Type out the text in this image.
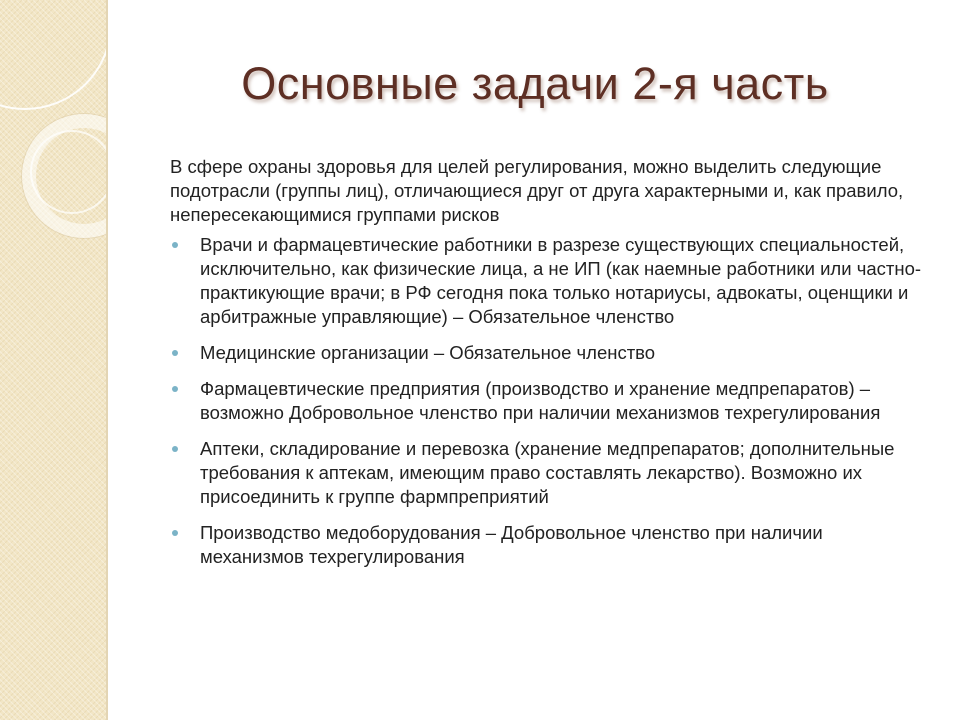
Основные задачи 2-я часть

В сфере охраны здоровья для целей регулирования, можно выделить следующие подотрасли (группы лиц), отличающиеся друг от друга характерными и, как правило, непересекающимися группами рисков

Врачи и фармацевтические работники в разрезе существующих специальностей, исключительно, как физические лица, а не ИП (как наемные работники или частно-практикующие врачи; в РФ сегодня пока только нотариусы, адвокаты, оценщики и арбитражные управляющие) – Обязательное членство
Медицинские организации – Обязательное членство
Фармацевтические предприятия (производство и хранение медпрепаратов) – возможно Добровольное членство при наличии механизмов техрегулирования
Аптеки, складирование и перевозка (хранение медпрепаратов; дополнительные требования к аптекам, имеющим право составлять лекарство). Возможно их присоединить к группе фармпреприятий
Производство медоборудования – Добровольное членство при наличии механизмов техрегулирования
